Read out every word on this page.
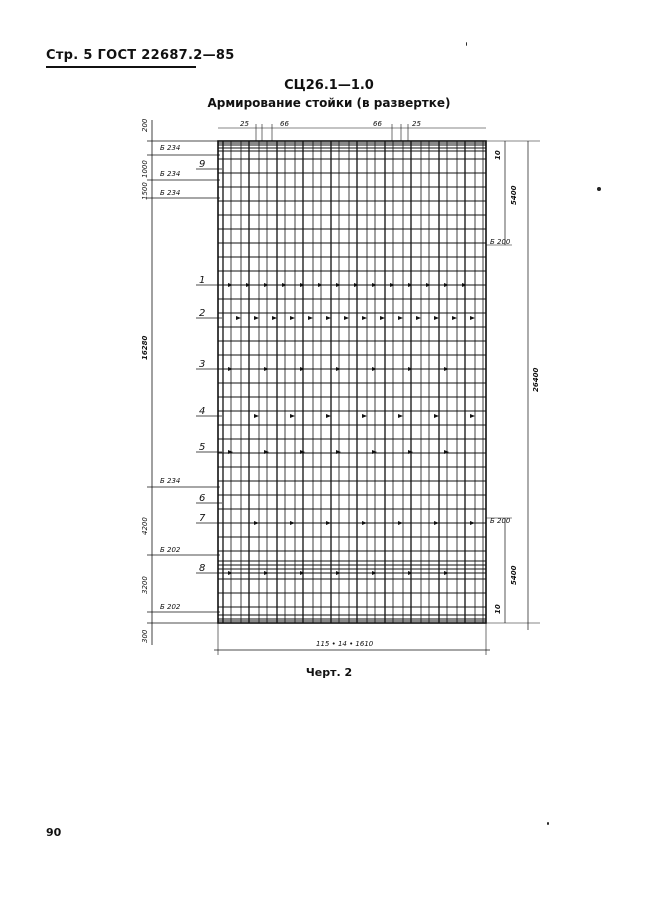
Стр. 5 ГОСТ 22687.2—85
СЦ26.1—1.0
Армирование стойки (в развертке)
200
1000
1500
16280
4200
3200
300
Б 234
Б 234
Б 234
Б 234
Б 202
Б 202
9
1
2
3
4
5
6
7
8
25	66	66	25
5400
26400
5400
10
10
Б 200
Б 200
115 • 14 • 1610
Черт. 2
90
